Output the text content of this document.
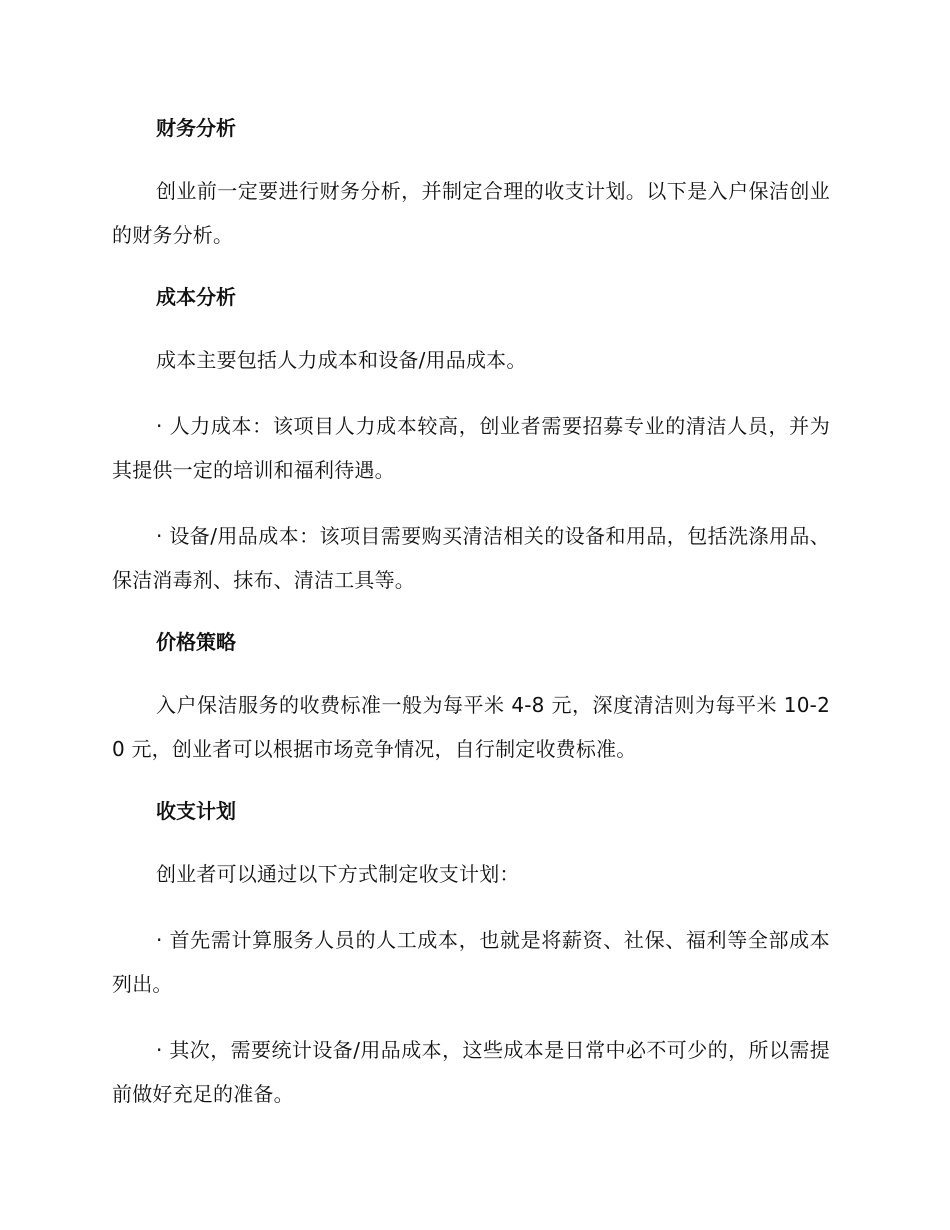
财务分析
创业前一定要进行财务分析，并制定合理的收支计划。以下是入户保洁创业的财务分析。
成本分析
成本主要包括人力成本和设备/用品成本。
· 人力成本：该项目人力成本较高，创业者需要招募专业的清洁人员，并为其提供一定的培训和福利待遇。
· 设备/用品成本：该项目需要购买清洁相关的设备和用品，包括洗涤用品、保洁消毒剂、抹布、清洁工具等。
价格策略
入户保洁服务的收费标准一般为每平米 4-8 元，深度清洁则为每平米 10-20 元，创业者可以根据市场竞争情况，自行制定收费标准。
收支计划
创业者可以通过以下方式制定收支计划：
· 首先需计算服务人员的人工成本，也就是将薪资、社保、福利等全部成本列出。
· 其次，需要统计设备/用品成本，这些成本是日常中必不可少的，所以需提前做好充足的准备。
